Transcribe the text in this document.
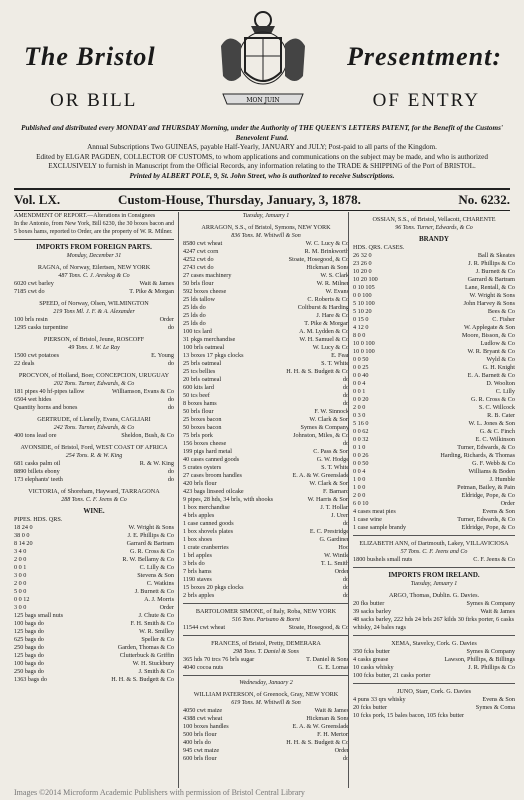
The Bristol	Presentment:
OR BILL	OF ENTRY
MON JUIN
Published and distributed every MONDAY and THURSDAY Morning, under the Authority of THE QUEEN'S LETTERS PATENT, for the Benefit of the Customs' Benevolent Fund.
Annual Subscriptions Two GUINEAS, payable Half-Yearly, JANUARY and JULY; Post-paid to all parts of the Kingdom.
Edited by ELGAR PAGDEN, COLLECTOR OF CUSTOMS, to whom applications and communications on the subject may be made, and who is authorized EXCLUSIVELY to furnish in Manuscript from the Official Records, any information relating to the TRADE & SHIPPING of the Port of BRISTOL.
Printed by ALBERT POLE, 9, St. John Street, who is authorized to receive Subscriptions.
Vol. LX.	Custom-House, Thursday, January, 3, 1878.	No. 6232.
AMENDMENT OF REPORT.—Alterations in Consignees
In the Antonio, from New York, Bill 6230, the 30 boxes bacon and 5 boxes hams, reported to Order, are the property of W. R. Milner.
IMPORTS FROM FOREIGN PARTS.
Monday, December 31
RAGNA, of Norway, Eilertsen, NEW YORK
487 Tons. C. J. Areskog & Co
6020 cwt barley	Wait & James
7185 cwt do	T. Pike & Morgan
SPEED, of Norway, Olsen, WILMINGTON
219 Tons Ml. J. F. & A. Alexander
100 brls resin	Order
1295 casks turpentine	do
PIERSON, of Bristol, Jeune, ROSCOFF
49 Tons. J. W. Le Ray
1500 cwt potatoes	E. Young
22 deals	do
PROCYON, of Holland, Boer, CONCEPCION, URUGUAY
202 Tons. Turner, Edwards, & Co
181 pipes 40 hf-pipes tallow	Williamson, Evans & Co
6504 wet hides	do
Quantity horns and bones	do
GERTRUDE, of Llanelly, Evans, CAGLIARI
242 Tons. Turner, Edwards, & Co
400 tons lead ore	Sheldon, Bush, & Co
AVONSIDE, of Bristol, Ford, WEST COAST OF AFRICA
254 Tons. R. & W. King
681 casks palm oil	R. & W. King
8890 billets ebony	do
173 elephants' teeth	do
VICTORIA, of Shoreham, Hayward, TARRAGONA
288 Tons. C. F. Jeens & Co
WINE.
PIPES. HDS. QRS.
18 24 0	W. Wright & Sons
38 0 0	J. E. Phillips & Co
8 14 20	Garrard & Bartram
3 4 0	G. R. Cross & Co
2 0 0	R. W. Bellamy & Co
0 0 1	C. Lilly & Co
3 0 0	Stevens & Son
2 0 0	C. Watkins
5 0 0	J. Burnett & Co
0 0 12	A. J. Morris
3 0 0	Order
125 bags small nuts	J. Chute & Co
100 bags do	F. H. Smith & Co
125 bags do	W. R. Smilley
625 bags do	Speller & Co
250 bags do	Garden, Thomas & Co
125 bags do	Clutterbuck & Griffin
100 bags do	W. H. Stuckbury
250 bags do	J. Smith & Co
1363 bags do	H. H. & S. Budgett & Co
Tuesday, January 1
ARRAGON, S.S., of Bristol, Symons, NEW YORK
836 Tons. M. Whitwill & Son
8580 cwt wheat	W. C. Lucy & Co
4247 cwt corn	R. M. Brinkworth
4252 cwt do	Stoate, Hosegood, & Co
2743 cwt do	Hickman & Sons
27 cases machinery	W. S. Clark
50 brls flour	W. R. Milner
592 boxes cheese	W. Evans
25 lds tallow	C. Roberts & Co
25 lds do	Coltburst & Harding
25 lds do	J. Hare & Co
25 lds do	T. Pike & Morgan
100 tcs lard	A. M. Lydden & Co
31 pkgs merchandise	W. H. Samuel & Co
100 brls oatmeal	W. Lucy & Co
13 boxes 17 pkgs clocks	E. Fear
25 brls oatmeal	S. T. White
25 tcs bellies	H. H. & S. Budgett & Co
20 brls oatmeal	do
600 kits lard	do
50 tcs beef	do
8 boxes hams	do
50 brls flour	F. W. Sinnock
25 boxes bacon	W. Clark & Son
50 boxes bacon	Symes & Company
75 brls pork	Johnston, Miles, & Co
156 boxes cheese	do
199 pigs hard metal	C. Pass & Son
40 cases canned goods	G. W. Hodge
5 crates oysters	S. T. White
27 cases broom handles	E. A. & W. Greenslade
420 brls flour	W. Clark & Son
423 bags linseed oilcake	F. Barnard
9 pipes, 28 hds, 34 brls, with shooks	W. Harris & Son
1 box merchandise	J. T. Hollan
4 brls apples	J. Uren
1 case canned goods	do
1 box shovels plates	E. C. Prestridge
1 box shoes	G. Gardiner
1 crate cranberries	Hoo
1 brl apples	W. Wintle
3 brls do	T. L. Smith
7 brls hams	Order
1190 staves	do
15 boxes 20 pkgs clocks	do
2 brls apples	do
BARTOLOMER SIMONE, of Italy, Roba, NEW YORK
516 Tons. Parisano & Borni
11544 cwt wheat	Stoate, Hosegood, & Co
FRANCES, of Bristol, Pretty, DEMERARA
298 Tons. T. Daniel & Sons
365 hds 70 trcs 76 brls sugar	T. Daniel & Sons
4040 cocoa nuts	G. E. Lomas
Wednesday, January 2
WILLIAM PATERSON, of Greenock, Gray, NEW YORK
619 Tons. M. Whitwill & Son
4050 cwt maize	Wait & James
4388 cwt wheat	Hickman & Sons
100 boxes handles	E. A. & W. Greenslade
500 brls flour	F. H. Merton
400 brls do	H. H. & S. Budgett & Co
945 cwt maize	Order
600 brls flour	do
OSSIAN, S.S., of Bristol, Vellacott, CHARENTE
96 Tons. Turner, Edwards, & Co
BRANDY
HDS. QRS. CASES.
26 32 0	Ball & Skeates
23 26 0	J. R. Phillips & Co
10 20 0	J. Burnett & Co
10 20 100	Garrard & Bartram
0 10 105	Lane, Rentall, & Co
0 0 100	W. Wright & Sons
5 10 100	John Harvey & Sons
5 10 20	Bees & Co
0 15 0	C. Fisher
4 12 0	W. Applegate & Son
8 0 0	Moore, Bisson, & Co
10 0 100	Ludlow & Co
10 0 100	W. R. Bryant & Co
0 0 50	Wyld & Co
0 0 25	G. H. Knight
0 0 40	E. A. Barnett & Co
0 0 4	D. Woolton
0 0 1	C. Lilly
0 0 20	G. R. Cross & Co
2 0 0	S. C. Willcock
0 3 0	R. B. Cater
5 16 0	W. L. Jones & Son
0 0 62	G. & C. Finch
0 0 32	E. C. Wilkinson
0 1 0	Turner, Edwards, & Co
0 0 26	Harding, Richards, & Thomas
0 0 50	G. F. Webb & Co
0 0 4	Williams & Boden
1 0 0	J. Humble
1 0 0	Petman, Bailey, & Pain
2 0 0	Eldridge, Pope, & Co
6 0 10	Order
4 cases meat pies	Evens & Son
1 case wine	Turner, Edwards, & Co
1 case sample brandy	Eldridge, Pope, & Co
ELIZABETH ANN, of Dartmouth, Lakey, VILLAVICIOSA
57 Tons. C. F. Jeens and Co
1800 bushels small nuts	C. F. Jeens & Co
IMPORTS FROM IRELAND.
Tuesday, January 1
ARGO, Thomas, Dublin. G. Davies.
20 fks butter	Symes & Company
39 sacks barley	Wait & James
48 sacks barley, 222 hds 24 brls 267 kilds 30 firks porter, 6 casks whisky, 24 bales rags
XEMA, Stavelcy, Cork. G. Davies
350 fcks butter	Symes & Company
4 casks grease	Lawson, Phillips, & Billings
10 casks whisky	J. R. Phillips & Co
100 fcks butter, 21 casks porter
JUNO, Starr, Cork. G. Davies
4 puns 33 qrs whisky	Evens & Son
20 fcks butter	Symes & Coma
10 fcks pork, 15 bales bacon, 105 fcks butter
Images ©2014 Microform Academic Publishers with permission of Bristol Central Library
